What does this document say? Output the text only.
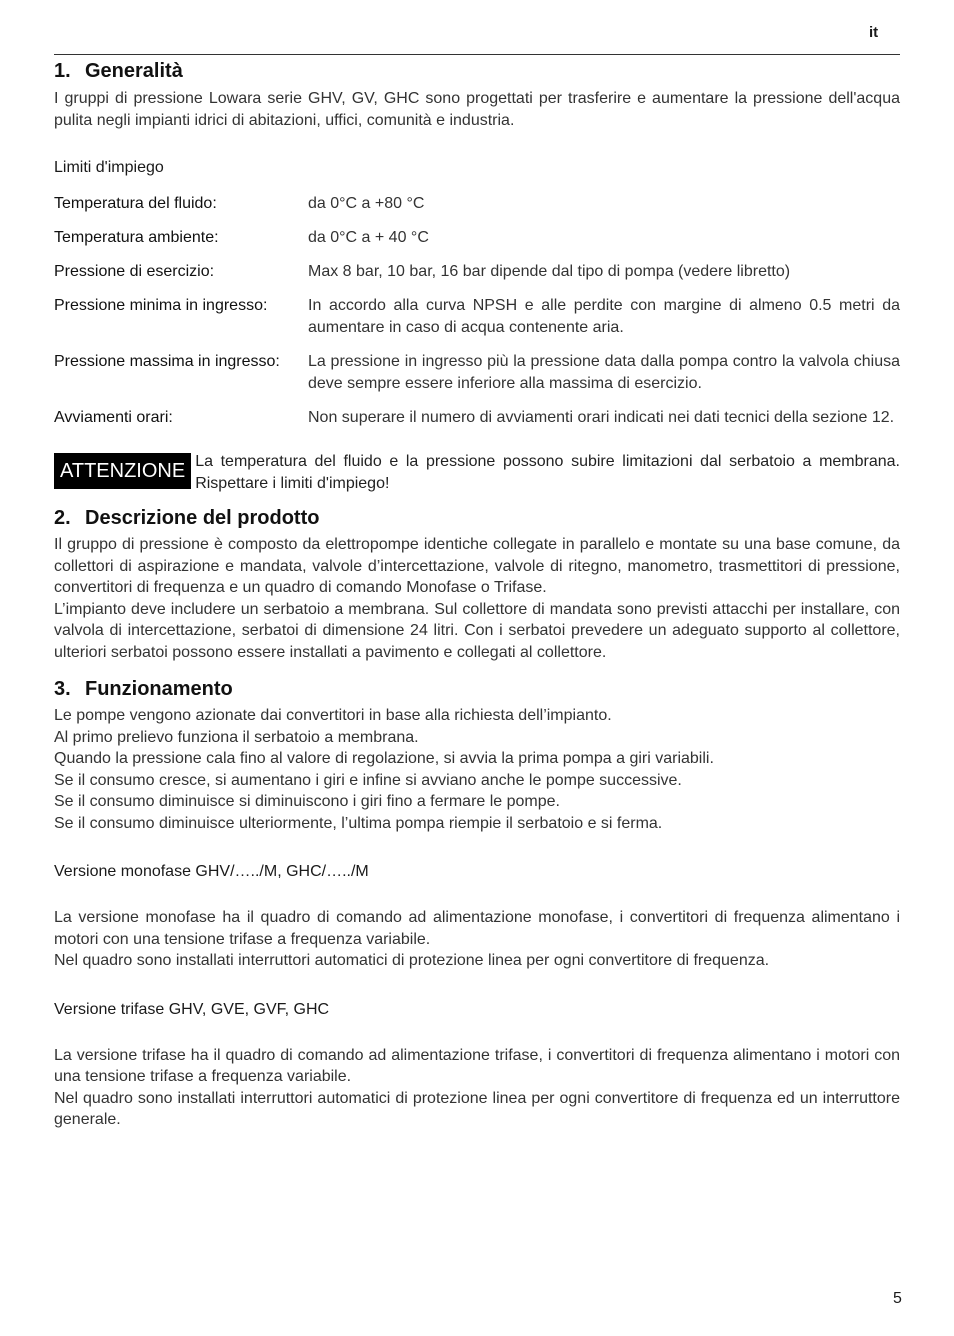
it
1. Generalità

I gruppi di pressione Lowara serie GHV, GV, GHC sono progettati per trasferire e aumentare la pressione dell'acqua pulita negli impianti idrici di abitazioni, uffici, comunità e industria.

Limiti d'impiego
Temperatura del fluido:	da 0°C a +80 °C
Temperatura ambiente:	da 0°C a + 40 °C
Pressione di esercizio:	Max 8 bar, 10 bar, 16 bar dipende dal tipo di pompa (vedere libretto)
Pressione minima in ingresso:	In accordo alla curva NPSH e alle perdite con margine di almeno 0.5 metri da aumentare in caso di acqua contenente aria.
Pressione massima in ingresso:	La pressione in ingresso più la pressione data dalla pompa contro la valvola chiusa deve sempre essere inferiore alla massima di esercizio.
Avviamenti orari:	Non superare il numero di avviamenti orari indicati nei dati tecnici della sezione 12.
ATTENZIONE La temperatura del fluido e la pressione possono subire limitazioni dal serbatoio a membrana. Rispettare i limiti d'impiego!
2. Descrizione del prodotto

Il gruppo di pressione è composto da elettropompe identiche collegate in parallelo e montate su una base comune, da collettori di aspirazione e mandata, valvole d’intercettazione, valvole di ritegno, manometro, trasmettitori di pressione, convertitori di frequenza e un quadro di comando Monofase o Trifase.

L’impianto deve includere un serbatoio a membrana. Sul collettore di mandata sono previsti attacchi per installare, con valvola di intercettazione, serbatoi di dimensione 24 litri. Con i serbatoi prevedere un adeguato supporto al collettore, ulteriori serbatoi possono essere installati a pavimento e collegati al collettore.

3. Funzionamento

Le pompe vengono azionate dai convertitori in base alla richiesta dell’impianto.

Al primo prelievo funziona il serbatoio a membrana.

Quando la pressione cala fino al valore di regolazione, si avvia la prima pompa a giri variabili.

Se il consumo cresce, si aumentano i giri e infine si avviano anche le pompe successive.

Se il consumo diminuisce si diminuiscono i giri fino a fermare le pompe.

Se il consumo diminuisce ulteriormente, l’ultima pompa riempie il serbatoio e si ferma.

Versione monofase GHV/…../M, GHC/…../M

La versione monofase ha il quadro di comando ad alimentazione monofase, i convertitori di frequenza alimentano i motori con una tensione trifase a frequenza variabile.

Nel quadro sono installati interruttori automatici di protezione linea per ogni convertitore di frequenza.

Versione trifase GHV, GVE, GVF, GHC

La versione trifase ha il quadro di comando ad alimentazione trifase, i convertitori di frequenza alimentano i motori con una tensione trifase a frequenza variabile.

Nel quadro sono installati interruttori automatici di protezione linea per ogni convertitore di frequenza ed un interruttore generale.

5
